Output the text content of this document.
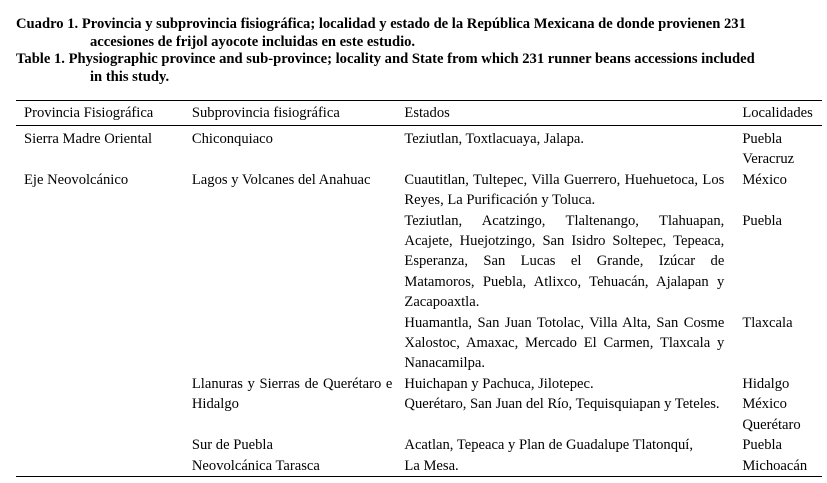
Cuadro 1. Provincia y subprovincia fisiográfica; localidad y estado de la República Mexicana de donde provienen 231
accesiones de frijol ayocote incluidas en este estudio.
Table 1. Physiographic province and sub-province; locality and State from which 231 runner beans accessions included
in this study.
Provincia Fisiográfica	Subprovincia fisiográfica	Estados	Localidades
Sierra Madre Oriental	Chiconquiaco	Teziutlan, Toxtlacuaya, Jalapa.	Puebla
Veracruz

Eje Neovolcánico	Lagos y Volcanes del Anahuac	Cuautitlan, Tultepec, Villa Guerrero, Huehuetoca, Los Reyes, La Purificación y Toluca.	México

		Teziutlan, Acatzingo, Tlaltenango, Tlahuapan, Acajete, Huejotzingo, San Isidro Soltepec, Tepeaca, Esperanza, San Lucas el Grande, Izúcar de Matamoros, Puebla, Atlixco, Tehuacán, Ajalapan y Zacapoaxtla.	Puebla

		Huamantla, San Juan Totolac, Villa Alta, San Cosme Xalostoc, Amaxac, Mercado El Carmen, Tlaxcala y Nanacamilpa.	Tlaxcala

	Llanuras y Sierras de Querétaro e Hidalgo	Huichapan y Pachuca, Jilotepec.	Hidalgo

		Querétaro, San Juan del Río, Tequisquiapan y Teteles.	México
Querétaro

	Sur de Puebla	Acatlan, Tepeaca y Plan de Guadalupe Tlatonquí,	Puebla

	Neovolcánica Tarasca	La Mesa.	Michoacán
